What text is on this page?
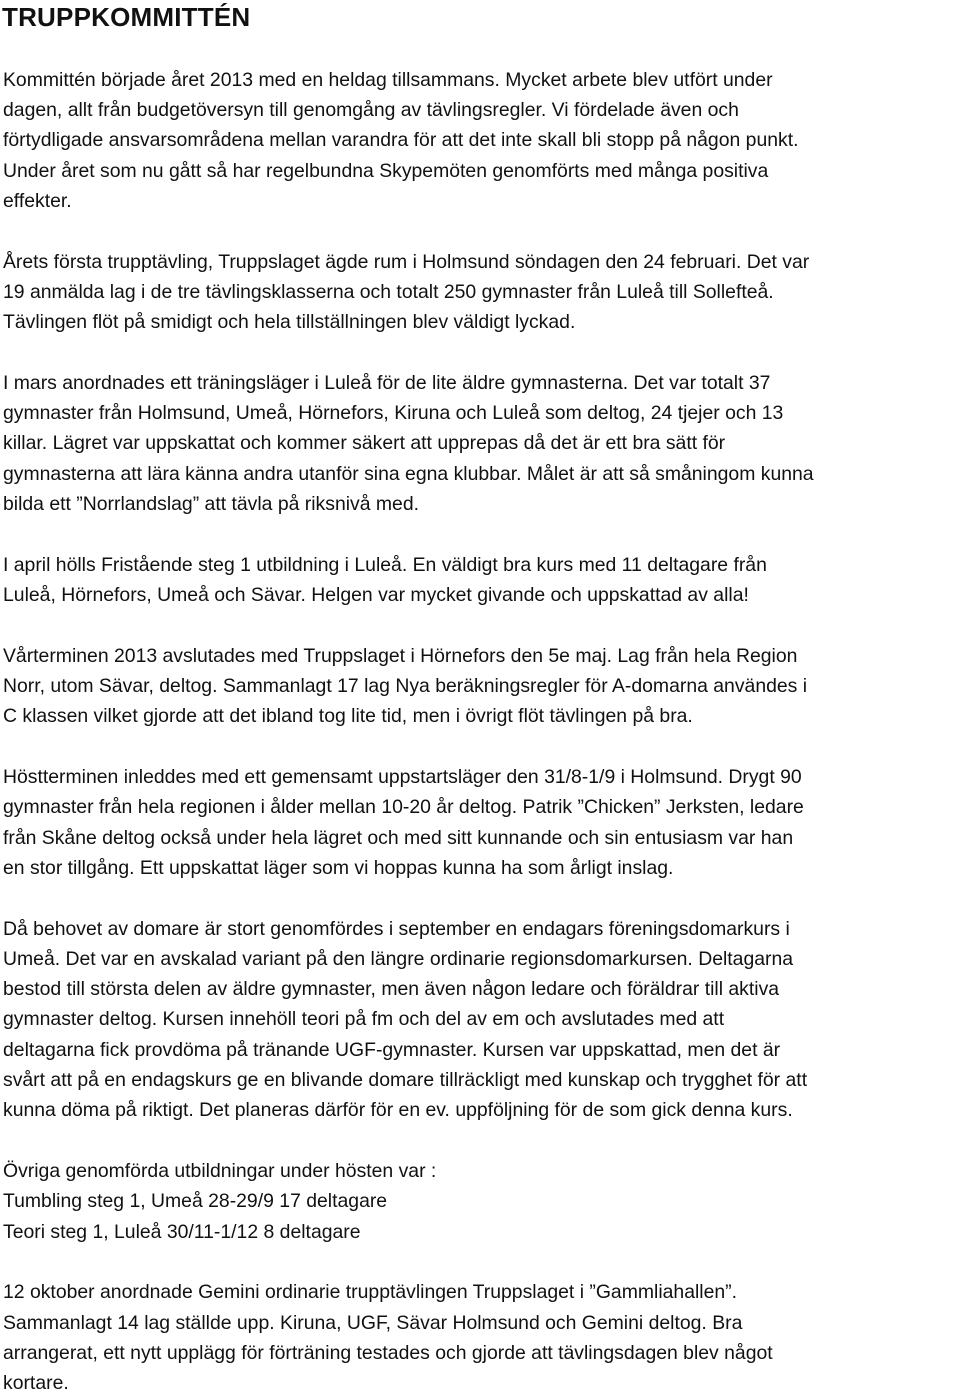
TRUPPKOMMITTÉN

Kommittén började året 2013 med en heldag tillsammans. Mycket arbete blev utfört under

dagen, allt från budgetöversyn till genomgång av tävlingsregler. Vi fördelade även och

förtydligade ansvarsområdena mellan varandra för att det inte skall bli stopp på någon punkt.

Under året som nu gått så har regelbundna Skypemöten genomförts med många positiva

effekter.

Årets första trupptävling, Truppslaget ägde rum i Holmsund söndagen den 24 februari. Det var

19 anmälda lag i de tre tävlingsklasserna och totalt 250 gymnaster från Luleå till Sollefteå.

Tävlingen flöt på smidigt och hela tillställningen blev väldigt lyckad.

I mars anordnades ett träningsläger i Luleå för de lite äldre gymnasterna. Det var totalt 37

gymnaster från Holmsund, Umeå, Hörnefors, Kiruna och Luleå som deltog, 24 tjejer och 13

killar. Lägret var uppskattat och kommer säkert att upprepas då det är ett bra sätt för

gymnasterna att lära känna andra utanför sina egna klubbar. Målet är att så småningom kunna

bilda ett ”Norrlandslag” att tävla på riksnivå med.

I april hölls Fristående steg 1 utbildning i Luleå. En väldigt bra kurs med 11 deltagare från

Luleå, Hörnefors, Umeå och Sävar. Helgen var mycket givande och uppskattad av alla!

Vårterminen 2013 avslutades med Truppslaget i Hörnefors den 5e maj. Lag från hela Region

Norr, utom Sävar, deltog. Sammanlagt 17 lag Nya beräkningsregler för A-domarna användes i

C klassen vilket gjorde att det ibland tog lite tid, men i övrigt flöt tävlingen på bra.

Höstterminen inleddes med ett gemensamt uppstartsläger den 31/8-1/9 i Holmsund. Drygt 90

gymnaster från hela regionen i ålder mellan 10-20 år deltog. Patrik ”Chicken” Jerksten, ledare

från Skåne deltog också under hela lägret och med sitt kunnande och sin entusiasm var han

en stor tillgång. Ett uppskattat läger som vi hoppas kunna ha som årligt inslag.

Då behovet av domare är stort genomfördes i september en endagars föreningsdomarkurs i

Umeå. Det var en avskalad variant på den längre ordinarie regionsdomarkursen. Deltagarna

bestod till största delen av äldre gymnaster, men även någon ledare och föräldrar till aktiva

gymnaster deltog. Kursen innehöll teori på fm och del av em och avslutades med att

deltagarna fick provdöma på tränande UGF-gymnaster. Kursen var uppskattad, men det är

svårt att på en endagskurs ge en blivande domare tillräckligt med kunskap och trygghet för att

kunna döma på riktigt. Det planeras därför för en ev. uppföljning för de som gick denna kurs.

Övriga genomförda utbildningar under hösten var :

Tumbling steg 1, Umeå 28-29/9 17 deltagare

Teori steg 1, Luleå 30/11-1/12 8 deltagare

12 oktober anordnade Gemini ordinarie trupptävlingen Truppslaget i ”Gammliahallen”.

Sammanlagt 14 lag ställde upp. Kiruna, UGF, Sävar Holmsund och Gemini deltog. Bra

arrangerat, ett nytt upplägg för förträning testades och gjorde att tävlingsdagen blev något

kortare.
